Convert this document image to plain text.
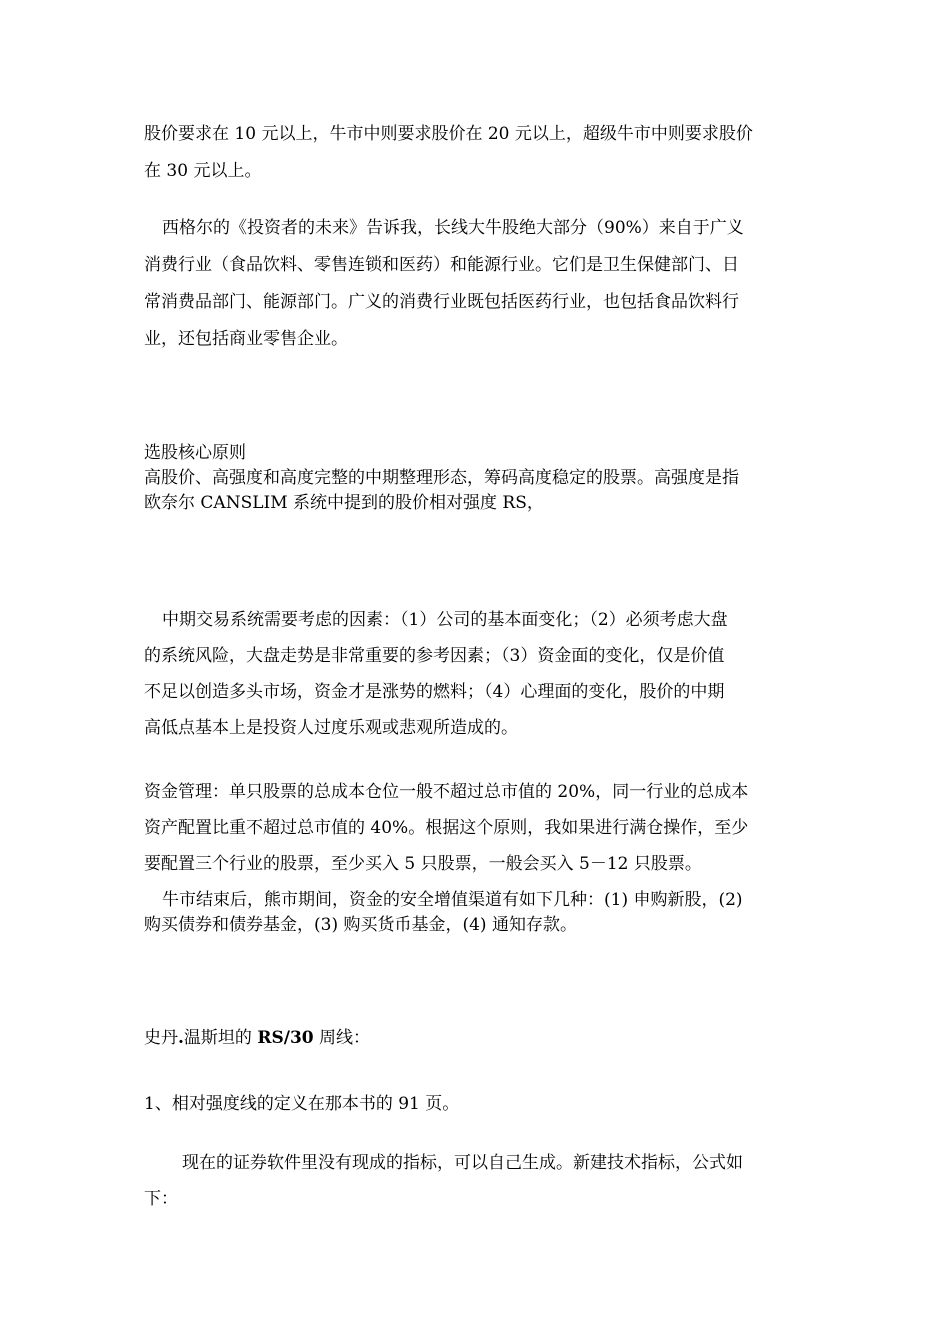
股价要求在 10 元以上，牛市中则要求股价在 20 元以上，超级牛市中则要求股价
在 30 元以上。
西格尔的《投资者的未来》告诉我，长线大牛股绝大部分（90%）来自于广义
消费行业（食品饮料、零售连锁和医药）和能源行业。它们是卫生保健部门、日
常消费品部门、能源部门。广义的消费行业既包括医药行业，也包括食品饮料行
业，还包括商业零售企业。
选股核心原则
高股价、高强度和高度完整的中期整理形态，筹码高度稳定的股票。高强度是指
欧奈尔 CANSLIM 系统中提到的股价相对强度 RS，
中期交易系统需要考虑的因素：（1）公司的基本面变化；（2）必须考虑大盘
的系统风险，大盘走势是非常重要的参考因素；（3）资金面的变化，仅是价值
不足以创造多头市场，资金才是涨势的燃料；（4）心理面的变化，股价的中期
高低点基本上是投资人过度乐观或悲观所造成的。
资金管理：单只股票的总成本仓位一般不超过总市值的 20%，同一行业的总成本
资产配置比重不超过总市值的 40%。根据这个原则，我如果进行满仓操作，至少
要配置三个行业的股票，至少买入 5 只股票，一般会买入 5－12 只股票。
牛市结束后，熊市期间，资金的安全增值渠道有如下几种：(1) 申购新股，(2)
购买债券和债券基金，(3) 购买货币基金，(4) 通知存款。
史丹.温斯坦的 RS/30 周线：
1、相对强度线的定义在那本书的 91 页。
现在的证券软件里没有现成的指标，可以自己生成。新建技术指标，公式如
下：
